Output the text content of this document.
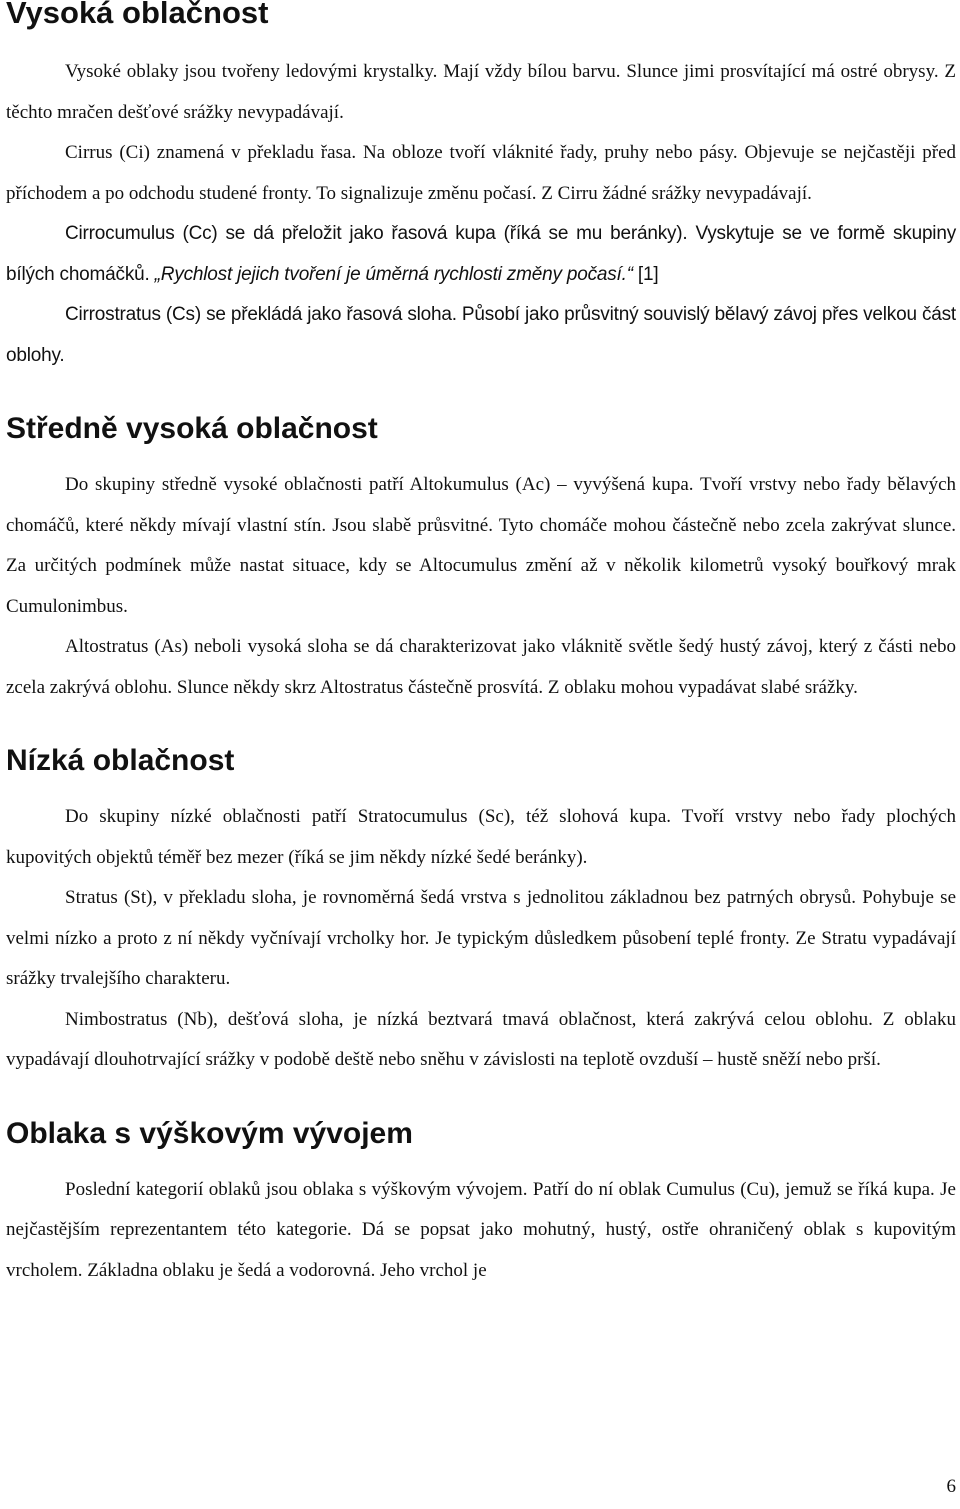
Vysoká oblačnost

Vysoké oblaky jsou tvořeny ledovými krystalky. Mají vždy bílou barvu. Slunce jimi prosvítající má ostré obrysy. Z těchto mračen dešťové srážky nevypadávají.

Cirrus (Ci) znamená v překladu řasa. Na obloze tvoří vláknité řady, pruhy nebo pásy. Objevuje se nejčastěji před příchodem a po odchodu studené fronty. To signalizuje změnu počasí. Z Cirru žádné srážky nevypadávají.

Cirrocumulus (Cc) se dá přeložit jako řasová kupa (říká se mu beránky). Vyskytuje se ve formě skupiny bílých chomáčků. „Rychlost jejich tvoření je úměrná rychlosti změny počasí.“ [1]

Cirrostratus (Cs) se překládá jako řasová sloha. Působí jako průsvitný souvislý bělavý závoj přes velkou část oblohy.

Středně vysoká oblačnost

Do skupiny středně vysoké oblačnosti patří Altokumulus (Ac) – vyvýšená kupa. Tvoří vrstvy nebo řady bělavých chomáčů, které někdy mívají vlastní stín. Jsou slabě průsvitné. Tyto chomáče mohou částečně nebo zcela zakrývat slunce. Za určitých podmínek může nastat situace, kdy se Altocumulus změní až v několik kilometrů vysoký bouřkový mrak Cumulonimbus.

Altostratus (As) neboli vysoká sloha se dá charakterizovat jako vláknitě světle šedý hustý závoj, který z části nebo zcela zakrývá oblohu. Slunce někdy skrz Altostratus částečně prosvítá. Z oblaku mohou vypadávat slabé srážky.

Nízká oblačnost

Do skupiny nízké oblačnosti patří Stratocumulus (Sc), též slohová kupa. Tvoří vrstvy nebo řady plochých kupovitých objektů téměř bez mezer (říká se jim někdy nízké šedé beránky).

Stratus (St), v překladu sloha, je rovnoměrná šedá vrstva s jednolitou základnou bez patrných obrysů. Pohybuje se velmi nízko a proto z ní někdy vyčnívají vrcholky hor. Je typickým důsledkem působení teplé fronty. Ze Stratu vypadávají srážky trvalejšího charakteru.

Nimbostratus (Nb), dešťová sloha, je nízká beztvará tmavá oblačnost, která zakrývá celou oblohu. Z oblaku vypadávají dlouhotrvající srážky v podobě deště nebo sněhu v závislosti na teplotě ovzduší – hustě sněží nebo prší.

Oblaka s výškovým vývojem

Poslední kategorií oblaků jsou oblaka s výškovým vývojem. Patří do ní oblak Cumulus (Cu), jemuž se říká kupa. Je nejčastějším reprezentantem této kategorie. Dá se popsat jako mohutný, hustý, ostře ohraničený oblak s kupovitým vrcholem. Základna oblaku je šedá a vodorovná. Jeho vrchol je

6
